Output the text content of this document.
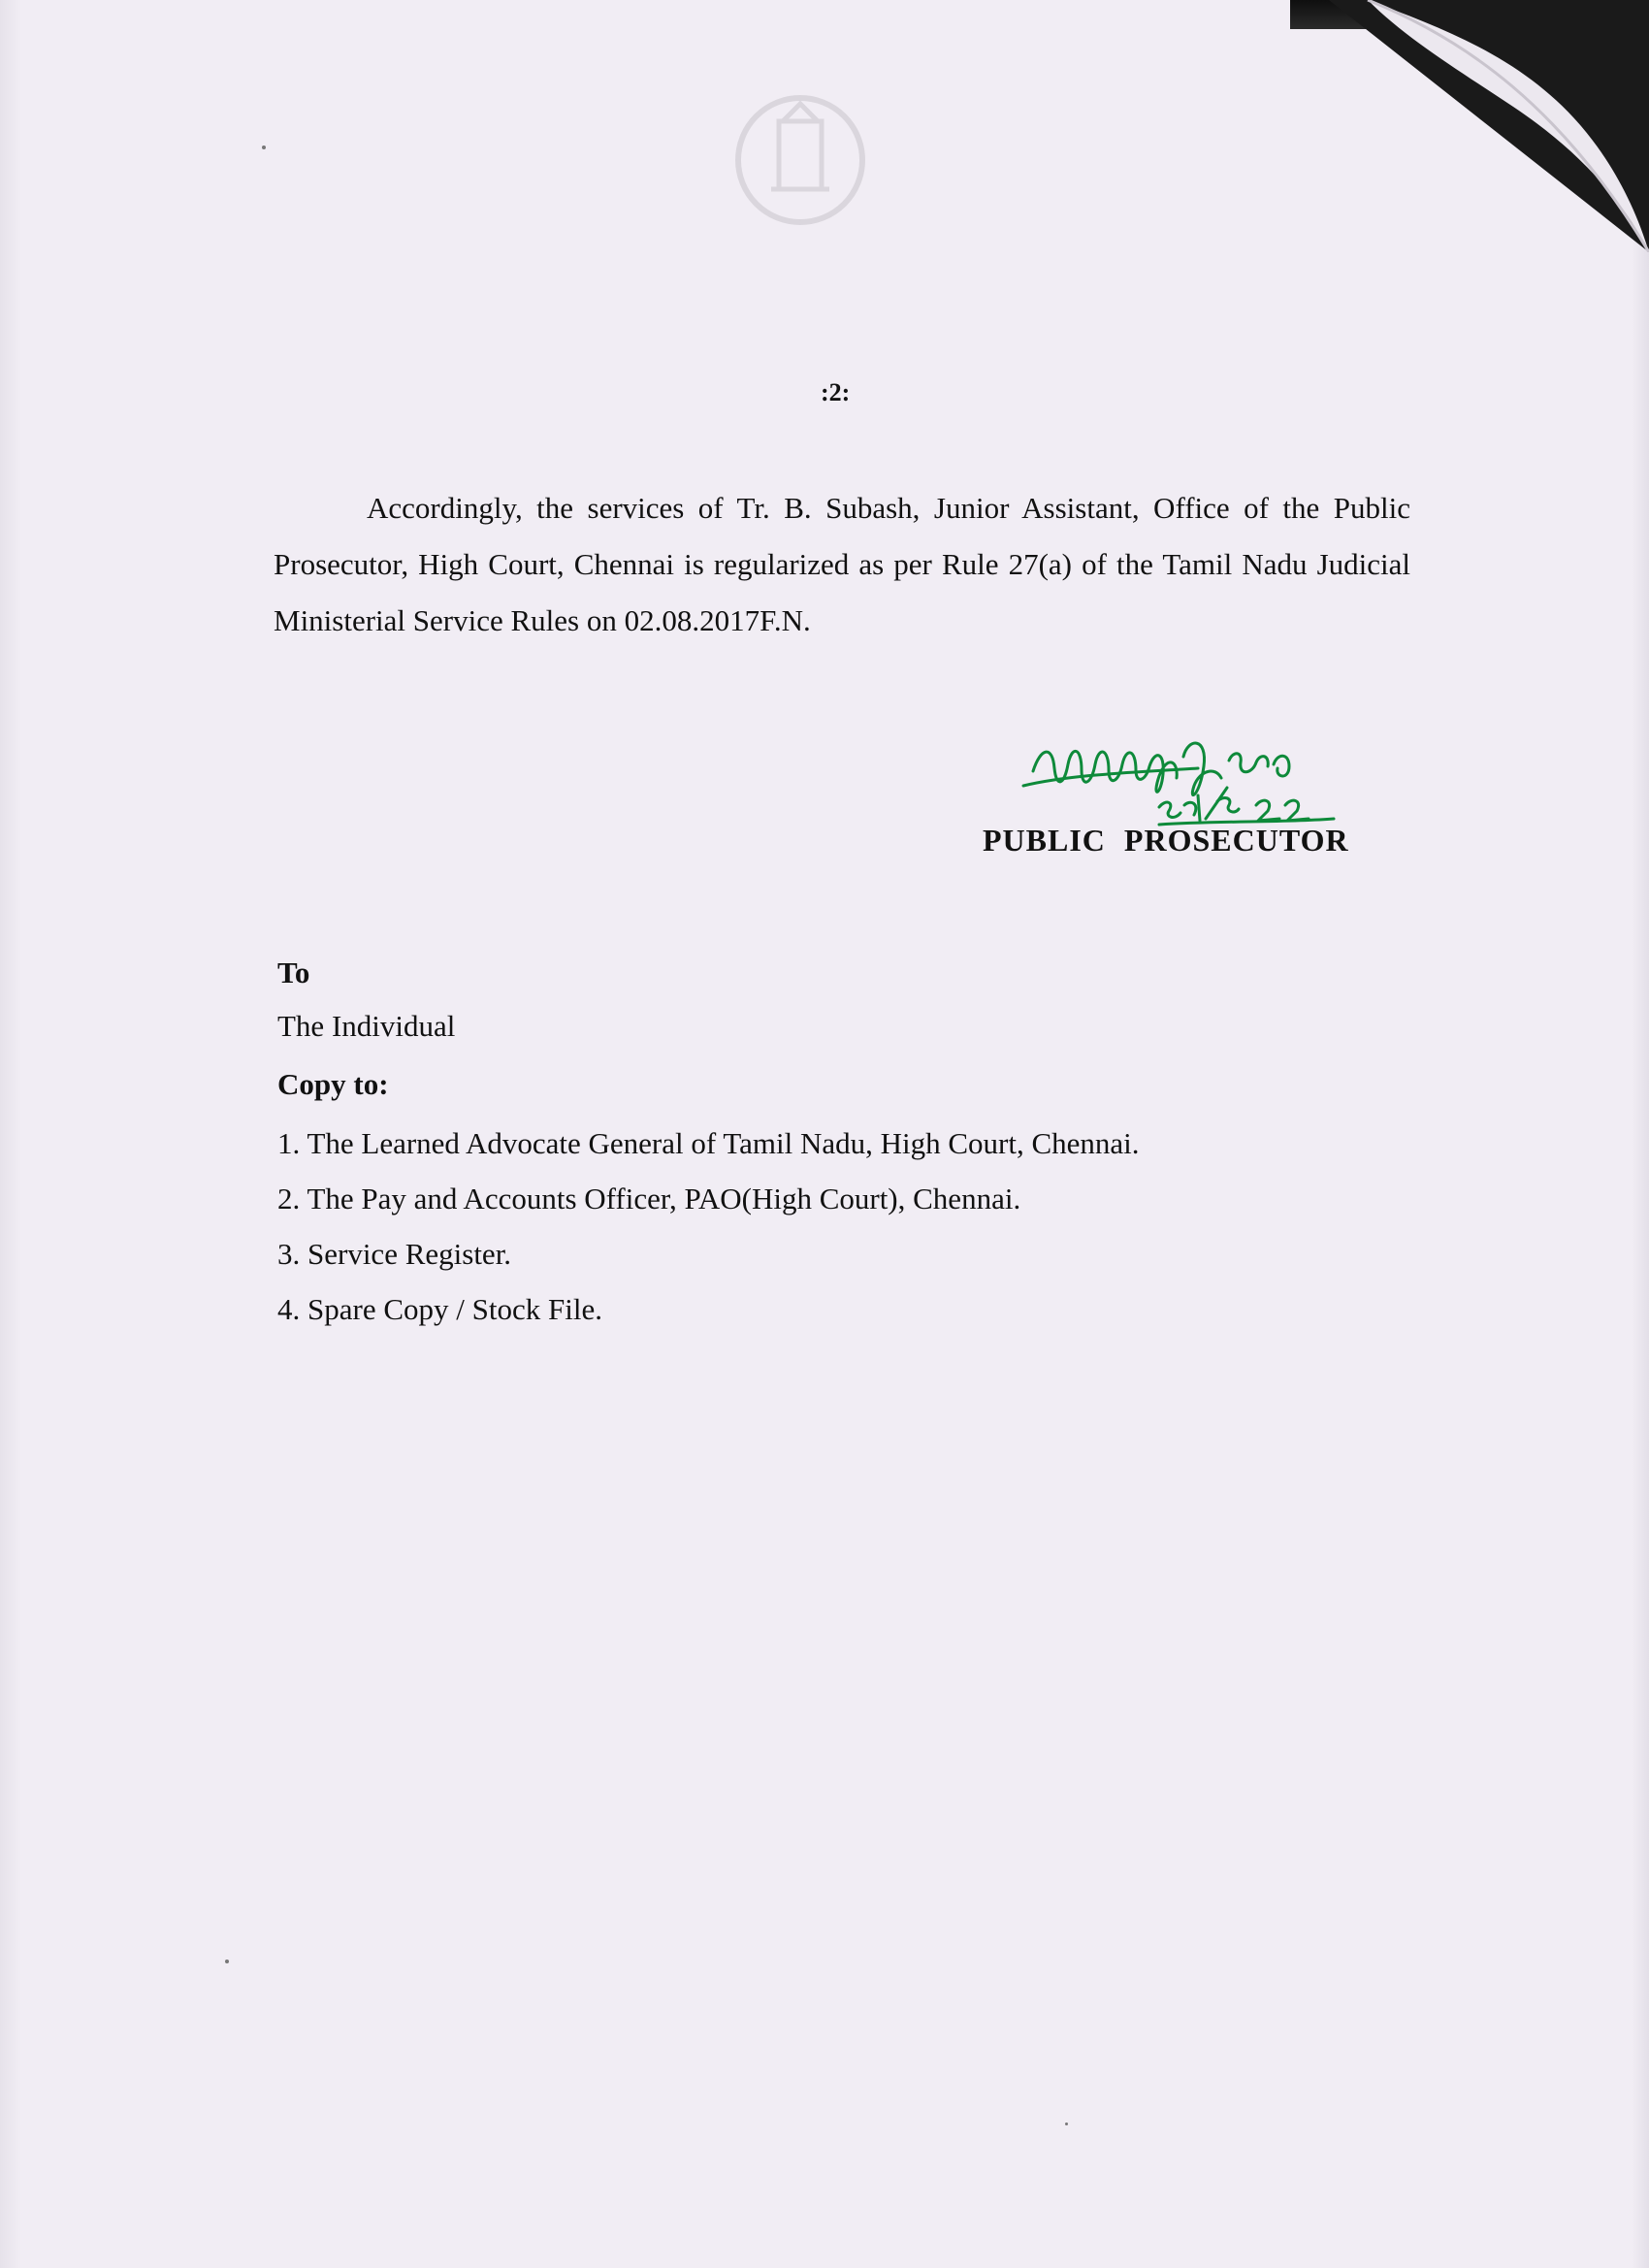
:2:

Accordingly, the services of Tr. B. Subash, Junior Assistant, Office of the Public Prosecutor, High Court, Chennai is regularized as per Rule 27(a) of the Tamil Nadu Judicial Ministerial Service Rules on 02.08.2017F.N.

PUBLIC PROSECUTOR
To
The Individual
Copy to:
1. The Learned Advocate General of Tamil Nadu, High Court, Chennai.
2. The Pay and Accounts Officer, PAO(High Court), Chennai.
3. Service Register.
4. Spare Copy / Stock File.
